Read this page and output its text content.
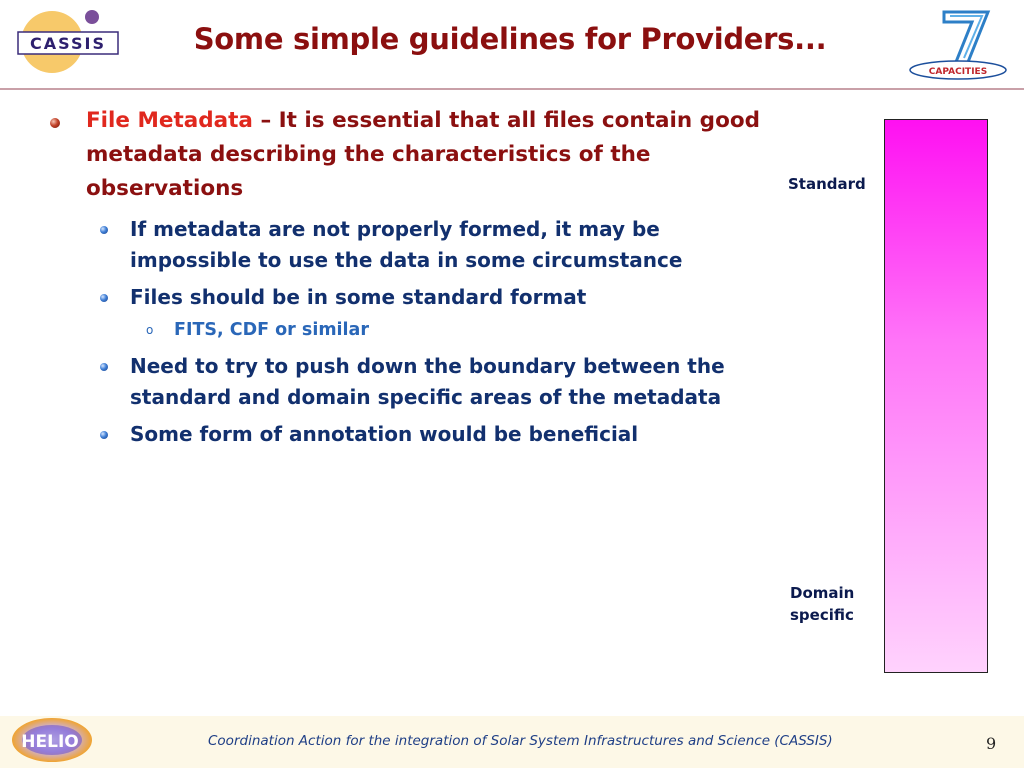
CASSIS	Some simple guidelines for Providers...
CAPACITIES
File Metadata – It is essential that all files contain good metadata describing the characteristics of the observations
If metadata are not properly formed, it may be impossible to use the data in some circumstance
Files should be in some standard format
o FITS, CDF or similar
Need to try to push down the boundary between the standard and domain specific areas of the metadata
Some form of annotation would be beneficial
Standard
Domain specific
HELIO	Coordination Action for the integration of Solar System Infrastructures and Science (CASSIS)	9
